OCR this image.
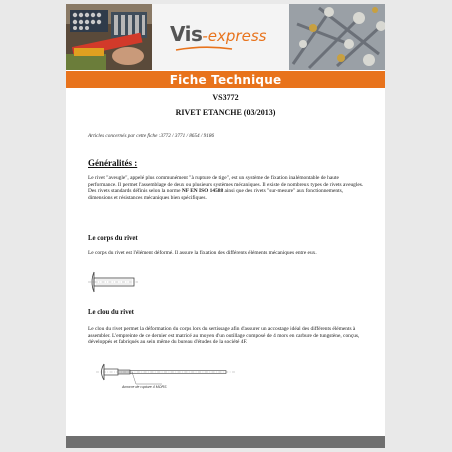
Vis-express
Fiche Technique
VS3772
RIVET ETANCHE (03/2013)
Articles concernés par cette fiche :3772 / 3771 / 8654 / 9186
Généralités :

Le rivet "aveugle", appelé plus communément "à rupture de tige", est un système de fixation inalémontable de haute performance. Il permet l'assemblage de deux ou plusieurs systèmes mécaniques. Il existe de nombreux types de rivets aveugles. Des rivets standards définis selon la norme NF EN ISO 14588 ainsi que des rivets "sur-mesure" aux fonctionnements, dimensions et résistances mécaniques bien spécifiques.

Le corps du rivet

Le corps du rivet est l'élément déformé. Il assure la fixation des différents éléments mécaniques entre eux.

Le clou du rivet

Le clou du rivet permet la déformation du corps lors du sertissage afin d'assurer un accostage idéal des différents éléments à assembler. L'empreinte de ce dernier est matricé au moyen d'un outillage composé de 4 mors en carbure de tungstène, conçus, développés et fabriqués au sein même du bureau d'études de la société 4F.

Amorce de rupture 4 MORS
